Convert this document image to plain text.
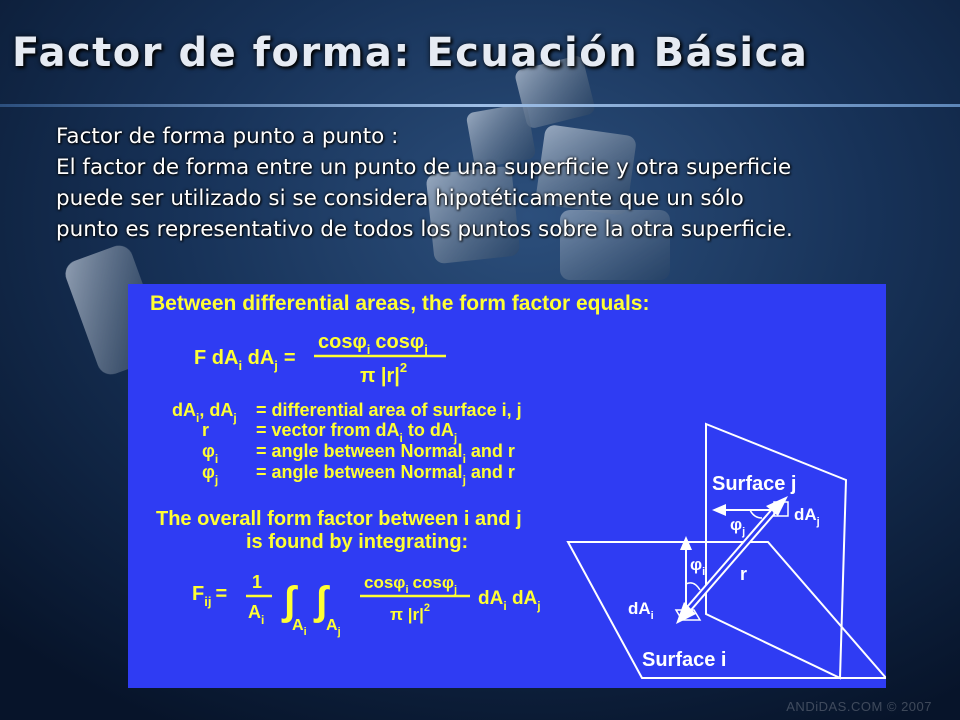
Factor de forma: Ecuación Básica
Factor de forma punto a punto :
El factor de forma entre un punto de una superficie y otra superficie
puede ser utilizado si se considera hipotéticamente que un sólo
punto es representativo de todos los puntos sobre la otra superficie.
Between differential areas, the form factor equals:
F $dA_i$ $dA_j$ =
cosφ$_i$ cosφ$_j$
π $|r|^2$
$dA_i$, $dA_j$ = differential area of surface i, j
r	= vector from $dA_i$ to $dA_j$
$\varphi_i$ = angle between Normal$_i$ and r
$\varphi_j$ = angle between Normal$_j$ and r
The overall form factor between i and j
is found by integrating:
$F_{ij}$ =
1
$A_i$ ∫
$A_i$
∫
$A_j$
cosφ$_i$ cosφ$_j$
π $|r|^2$	$dA_i$ $dA_j$
Surface j
Surface i
$\varphi_j$
$dA_j$
$\varphi_i$ r
$dA_i$
ANDiDAS.COM © 2007
